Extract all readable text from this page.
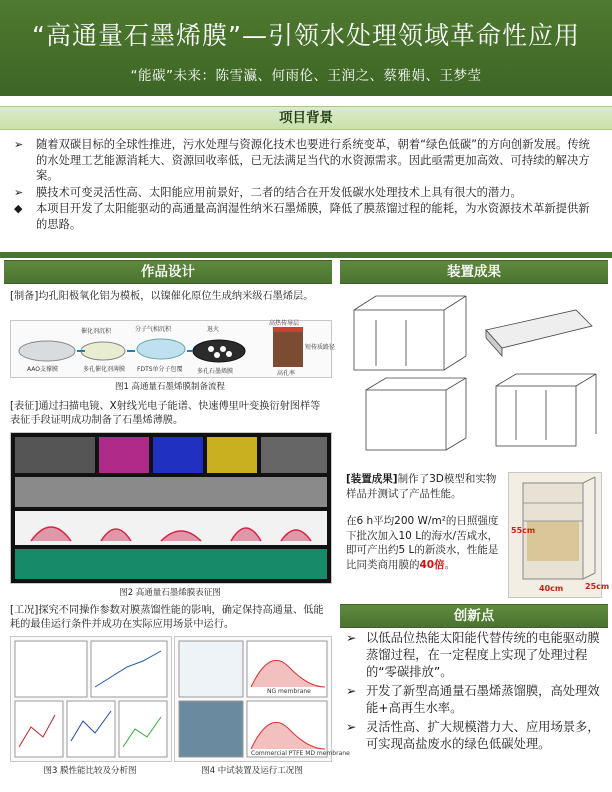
“高通量石墨烯膜”—引领水处理领域革命性应用
“能碳”未来：陈雪瀛、何雨伦、王润之、蔡雅娟、王梦莹
项目背景
➢	随着双碳目标的全球性推进，污水处理与资源化技术也要进行系统变革，朝着“绿色低碳”的方向创新发展。传统的水处理工艺能源消耗大、资源回收率低，已无法满足当代的水资源需求。因此亟需更加高效、可持续的解决方案。
➢	膜技术可变灵活性高、太阳能应用前景好，二者的结合在开发低碳水处理技术上具有很大的潜力。
◆	本项目开发了太阳能驱动的高通量高润湿性纳米石墨烯膜，降低了膜蒸馏过程的能耗，为水资源技术革新提供新的思路。
作品设计
[制备]均孔阳极氧化铝为模板，以镍催化原位生成纳米级石墨烯层。
AAO支撑膜
催化剂沉积
多孔催化剂薄膜
分子气相沉积
FDTS单分子包覆
退火
多孔石墨烯膜
高热传导层
短传质路径
高孔率
图1 高通量石墨烯膜制备流程
[表征]通过扫描电镜、X射线光电子能谱、快速傅里叶变换衍射图样等表征手段证明成功制备了石墨烯薄膜。
图2 高通量石墨烯膜表征图
[工况]探究不同操作参数对膜蒸馏性能的影响，确定保持高通量、低能耗的最佳运行条件并成功在实际应用场景中运行。
NG membrane
Commercial PTFE MD membrane
图3 膜性能比较及分析图	图4 中试装置及运行工况图
装置成果
[装置成果]制作了3D模型和实物样品并测试了产品性能。
在6 h平均200 W/m²的日照强度下批次加入10 L的海水/苦咸水，即可产出约5 L的新淡水，性能是比同类商用膜的40倍。
55cm
40cm	25cm
创新点
➢ 以低品位热能太阳能代替传统的电能驱动膜蒸馏过程，在一定程度上实现了处理过程的“零碳排放”。
➢ 开发了新型高通量石墨烯蒸馏膜，高处理效能+高再生水率。
➢ 灵活性高、扩大规模潜力大、应用场景多，可实现高盐废水的绿色低碳处理。
